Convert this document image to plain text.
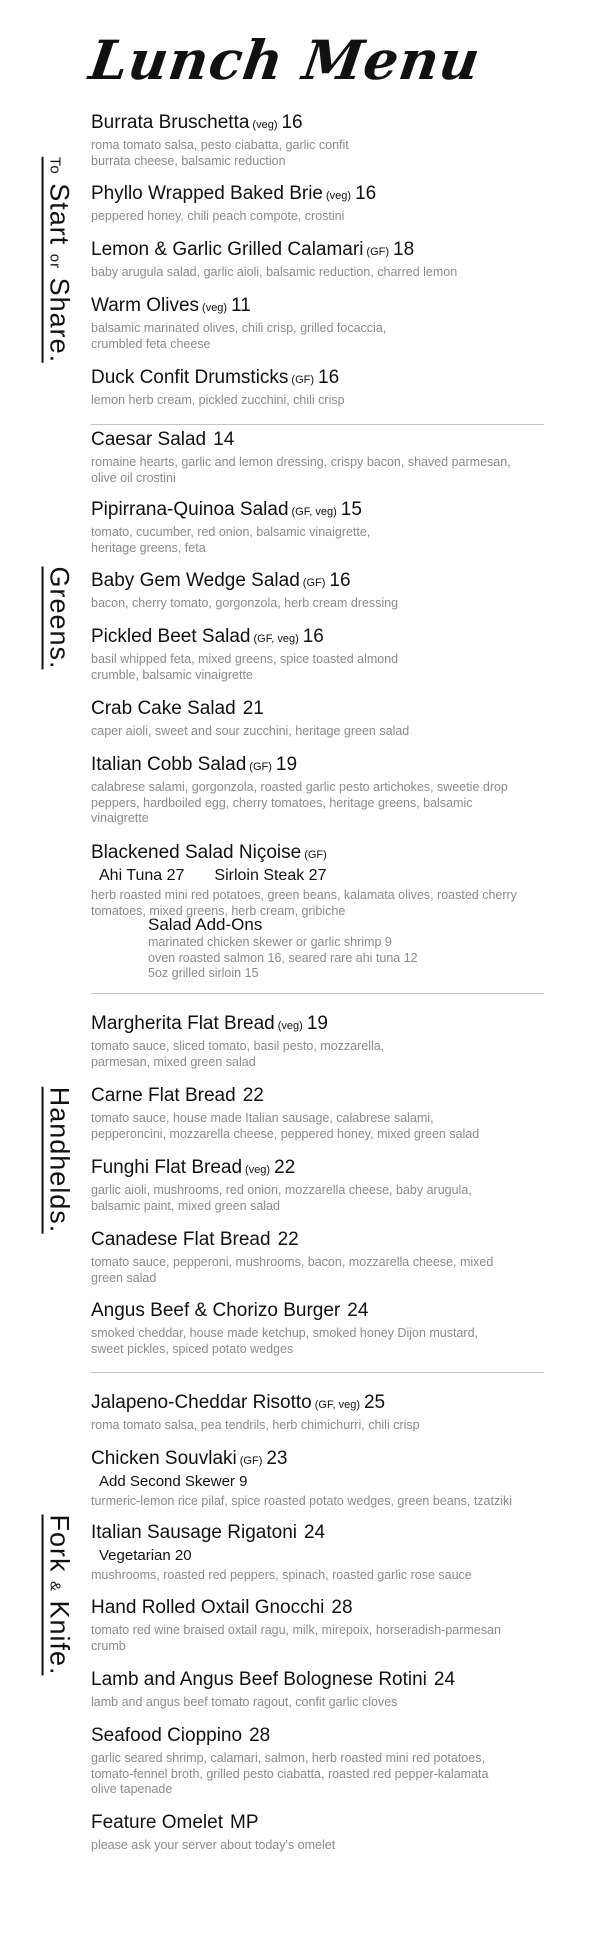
Lunch Menu
To Start or Share.
Greens.
Handhelds.
Fork & Knife.
Burrata Bruschetta (veg) 16
roma tomato salsa, pesto ciabatta, garlic confit
burrata cheese, balsamic reduction
Phyllo Wrapped Baked Brie (veg) 16
peppered honey, chili peach compote, crostini
Lemon & Garlic Grilled Calamari (GF) 18
baby arugula salad, garlic aioli, balsamic reduction, charred lemon
Warm Olives (veg) 11
balsamic marinated olives, chili crisp, grilled focaccia,
crumbled feta cheese
Duck Confit Drumsticks (GF) 16
lemon herb cream, pickled zucchini, chili crisp
Caesar Salad 14
romaine hearts, garlic and lemon dressing, crispy bacon, shaved parmesan,
olive oil crostini
Pipirrana-Quinoa Salad (GF, veg) 15
tomato, cucumber, red onion, balsamic vinaigrette,
heritage greens, feta
Baby Gem Wedge Salad (GF) 16
bacon, cherry tomato, gorgonzola, herb cream dressing
Pickled Beet Salad (GF, veg) 16
basil whipped feta, mixed greens, spice toasted almond
crumble, balsamic vinaigrette
Crab Cake Salad 21
caper aioli, sweet and sour zucchini, heritage green salad
Italian Cobb Salad (GF) 19
calabrese salami, gorgonzola, roasted garlic pesto artichokes, sweetie drop
peppers, hardboiled egg, cherry tomatoes, heritage greens, balsamic
vinaigrette
Blackened Salad Niçoise (GF)
Ahi Tuna 27 Sirloin Steak 27
herb roasted mini red potatoes, green beans, kalamata olives, roasted cherry
tomatoes, mixed greens, herb cream, gribiche
Salad Add-Ons
marinated chicken skewer or garlic shrimp 9
oven roasted salmon 16, seared rare ahi tuna 12
5oz grilled sirloin 15
Margherita Flat Bread (veg) 19
tomato sauce, sliced tomato, basil pesto, mozzarella,
parmesan, mixed green salad
Carne Flat Bread 22
tomato sauce, house made Italian sausage, calabrese salami,
pepperoncini, mozzarella cheese, peppered honey, mixed green salad
Funghi Flat Bread (veg) 22
garlic aioli, mushrooms, red onion, mozzarella cheese, baby arugula,
balsamic paint, mixed green salad
Canadese Flat Bread 22
tomato sauce, pepperoni, mushrooms, bacon, mozzarella cheese, mixed
green salad
Angus Beef & Chorizo Burger 24
smoked cheddar, house made ketchup, smoked honey Dijon mustard,
sweet pickles, spiced potato wedges
Jalapeno-Cheddar Risotto (GF, veg) 25
roma tomato salsa, pea tendrils, herb chimichurri, chili crisp
Chicken Souvlaki (GF) 23
Add Second Skewer 9
turmeric-lemon rice pilaf, spice roasted potato wedges, green beans, tzatziki
Italian Sausage Rigatoni 24
Vegetarian 20
mushrooms, roasted red peppers, spinach, roasted garlic rose sauce
Hand Rolled Oxtail Gnocchi 28
tomato red wine braised oxtail ragu, milk, mirepoix, horseradish-parmesan
crumb
Lamb and Angus Beef Bolognese Rotini 24
lamb and angus beef tomato ragout, confit garlic cloves
Seafood Cioppino 28
garlic seared shrimp, calamari, salmon, herb roasted mini red potatoes,
tomato-fennel broth, grilled pesto ciabatta, roasted red pepper-kalamata
olive tapenade
Feature Omelet MP
please ask your server about today's omelet
